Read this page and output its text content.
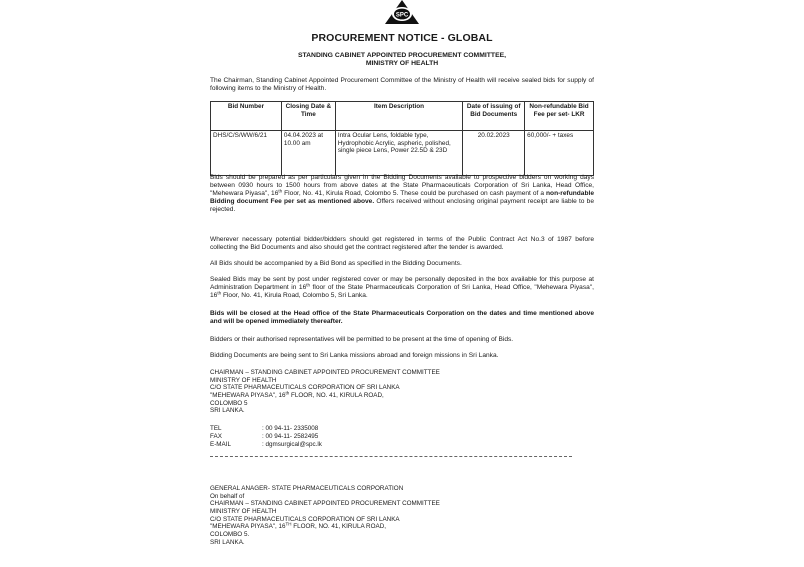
SPC
PROCUREMENT NOTICE - GLOBAL
STANDING CABINET APPOINTED PROCUREMENT COMMITTEE,
MINISTRY OF HEALTH

The Chairman, Standing Cabinet Appointed Procurement Committee of the Ministry of Health will receive sealed bids for supply of following items to the Ministry of Health.

Bid Number	Closing Date & Time	Item Description	Date of issuing of Bid Documents	Non-refundable Bid Fee per set- LKR
DHS/C/S/WW/6/21	04.04.2023 at 10.00 am	Intra Ocular Lens, foldable type, Hydrophobic Acrylic, aspheric, polished, single piece Lens, Power 22.5D & 23D	20.02.2023	60,000/- + taxes

Bids should be prepared as per particulars given in the Bidding Documents available to prospective bidders on working days between 0930 hours to 1500 hours from above dates at the State Pharmaceuticals Corporation of Sri Lanka, Head Office, "Mehewara Piyasa", 16th Floor, No. 41, Kirula Road, Colombo 5. These could be purchased on cash payment of a non-refundable Bidding document Fee per set as mentioned above. Offers received without enclosing original payment receipt are liable to be rejected.

Wherever necessary potential bidder/bidders should get registered in terms of the Public Contract Act No.3 of 1987 before collecting the Bid Documents and also should get the contract registered after the tender is awarded.

All Bids should be accompanied by a Bid Bond as specified in the Bidding Documents.

Sealed Bids may be sent by post under registered cover or may be personally deposited in the box available for this purpose at Administration Department in 16th floor of the State Pharmaceuticals Corporation of Sri Lanka, Head Office, "Mehewara Piyasa", 16th Floor, No. 41, Kirula Road, Colombo 5, Sri Lanka.

Bids will be closed at the Head office of the State Pharmaceuticals Corporation on the dates and time mentioned above and will be opened immediately thereafter.

Bidders or their authorised representatives will be permitted to be present at the time of opening of Bids.

Bidding Documents are being sent to Sri Lanka missions abroad and foreign missions in Sri Lanka.

CHAIRMAN – STANDING CABINET APPOINTED PROCUREMENT COMMITTEE
MINISTRY OF HEALTH
C/O STATE PHARMACEUTICALS CORPORATION OF SRI LANKA
"MEHEWARA PIYASA", 16th FLOOR, NO. 41, KIRULA ROAD,
COLOMBO 5
SRI LANKA.
TEL	: 00 94-11- 2335008
FAX	: 00 94-11- 2582495
E-MAIL	: dgmsurgical@spc.lk
GENERAL ANAGER- STATE PHARMACEUTICALS CORPORATION
On behalf of
CHAIRMAN – STANDING CABINET APPOINTED PROCUREMENT COMMITTEE
MINISTRY OF HEALTH
C/O STATE PHARMACEUTICALS CORPORATION OF SRI LANKA
"MEHEWARA PIYASA", 16TH FLOOR, NO. 41, KIRULA ROAD,
COLOMBO 5.
SRI LANKA.
